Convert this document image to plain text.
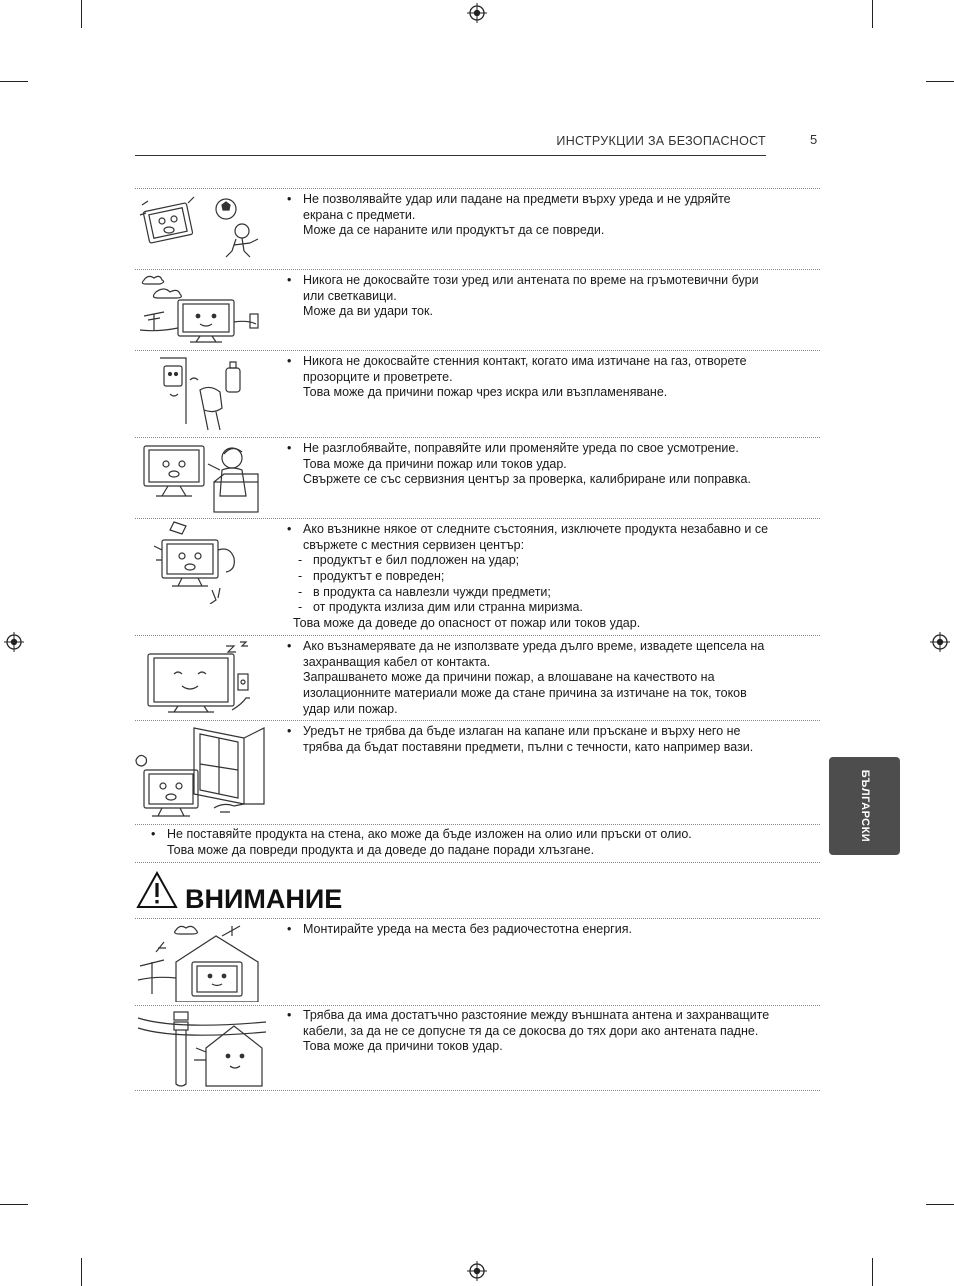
ИНСТРУКЦИИ ЗА БЕЗОПАСНОСТ	5
БЪЛГАРСКИ
• Не позволявайте удар или падане на предмети върху уреда и не удряйте

екрана с предмети.

Може да се нараните или продуктът да се повреди.

• Никога не докосвайте този уред или антената по време на гръмотевични бури

или светкавици.

Може да ви удари ток.

• Никога не докосвайте стенния контакт, когато има изтичане на газ, отворете

прозорците и проветрете.

Това може да причини пожар чрез искра или възпламеняване.

• Не разглобявайте, поправяйте или променяйте уреда по свое усмотрение.

Това може да причини пожар или токов удар.

Свържете се със сервизния център за проверка, калибриране или поправка.

• Ако възникне някое от следните състояния, изключете продукта незабавно и се

свържете с местния сервизен център:

- продуктът е бил подложен на удар;
- продуктът е повреден;
- в продукта са навлезли чужди предмети;
- от продукта излиза дим или странна миризма.
Това може да доведе до опасност от пожар или токов удар.
• Ако възнамерявате да не използвате уреда дълго време, извадете щепсела на

захранващия кабел от контакта.

Запрашването може да причини пожар, а влошаване на качеството на

изолационните материали може да стане причина за изтичане на ток, токов

удар или пожар.

• Уредът не трябва да бъде излаган на капане или пръскане и върху него не

трябва да бъдат поставяни предмети, пълни с течности, като например вази.

• Не поставяйте продукта на стена, ако може да бъде изложен на олио или пръски от олио.

Това може да повреди продукта и да доведе до падане поради хлъзгане.

ВНИМАНИЕ
• Монтирайте уреда на места без радиочестотна енергия.

• Трябва да има достатъчно разстояние между външната антена и захранващите

кабели, за да не се допусне тя да се докосва до тях дори ако антената падне.

Това може да причини токов удар.
